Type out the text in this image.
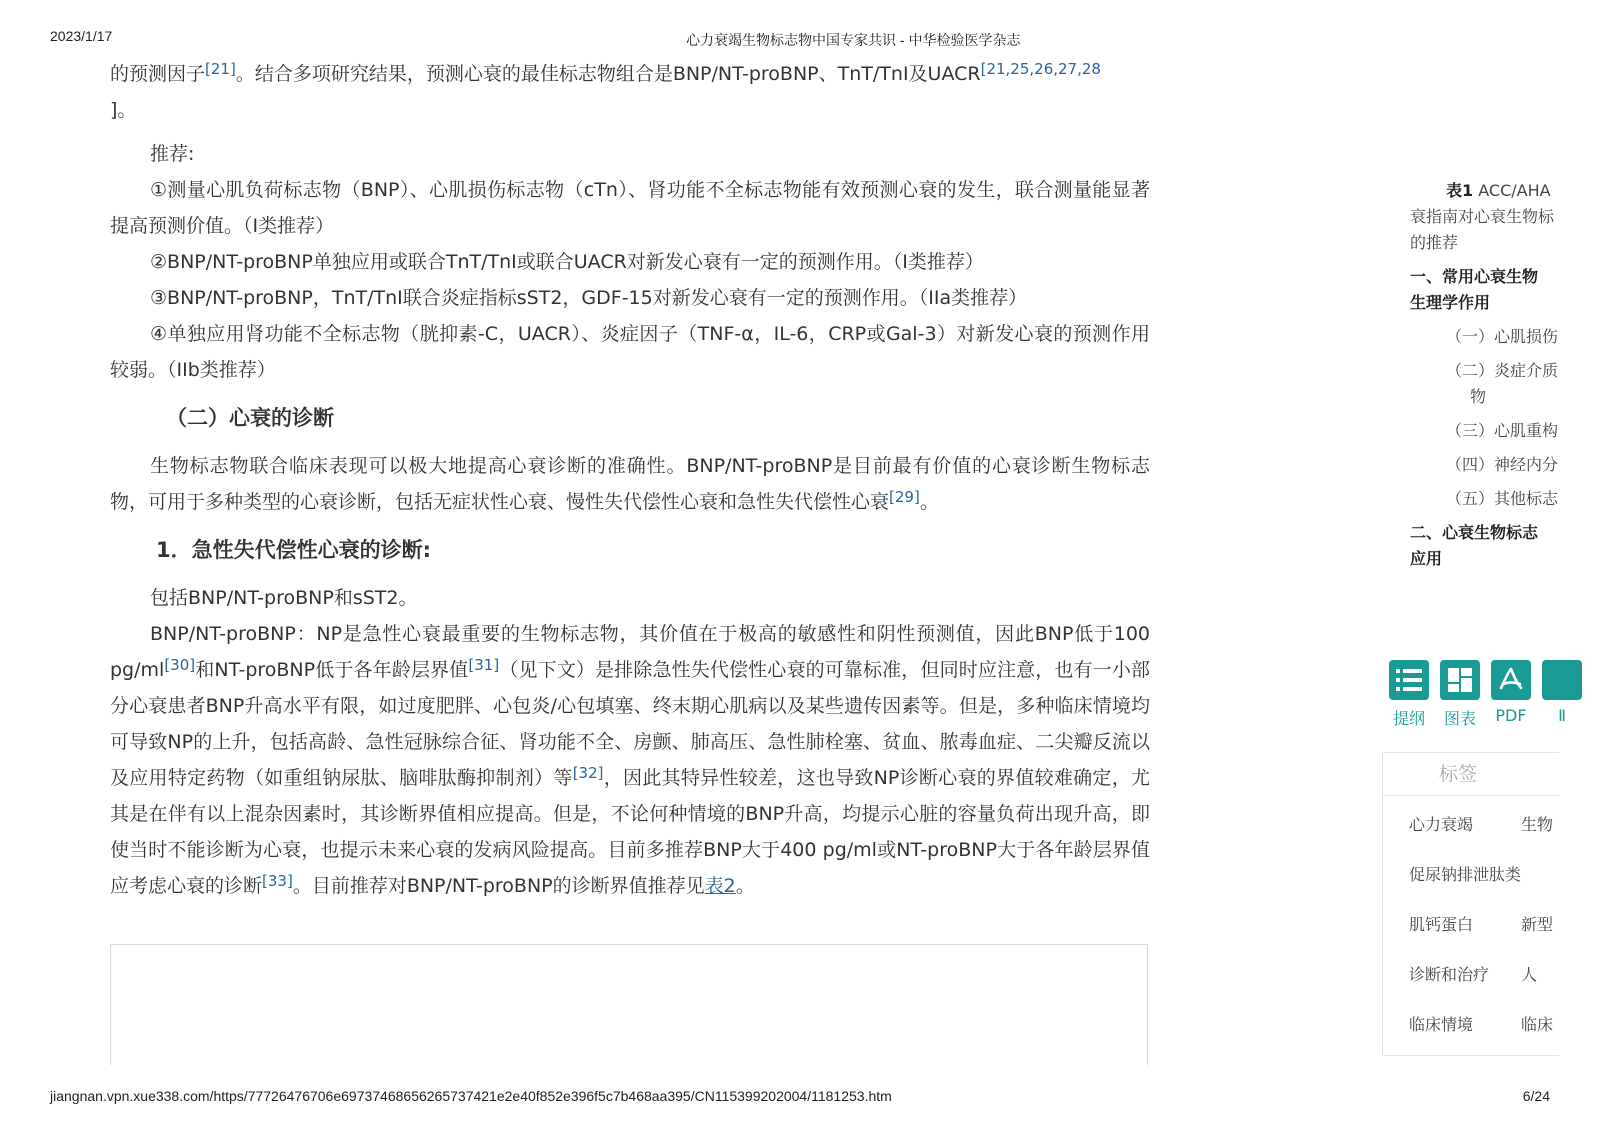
2023/1/17	心力衰竭生物标志物中国专家共识 - 中华检验医学杂志

的预测因子[21]。结合多项研究结果，预测心衰的最佳标志物组合是BNP/NT-proBNP、TnT/TnI及$UACR^{[21,25,26,27,28}$
]。

推荐:

①测量心肌负荷标志物（BNP）、心肌损伤标志物（cTn）、肾功能不全标志物能有效预测心衰的发生，联合测量能显著提高预测价值。（I类推荐）

②BNP/NT-proBNP单独应用或联合TnT/TnI或联合UACR对新发心衰有一定的预测作用。（I类推荐）

③BNP/NT-proBNP，TnT/TnI联合炎症指标sST2，GDF-15对新发心衰有一定的预测作用。（IIa类推荐）

④单独应用肾功能不全标志物（胱抑素-C，UACR）、炎症因子（TNF-α，IL-6，CRP或Gal-3）对新发心衰的预测作用较弱。（IIb类推荐）

（二）心衰的诊断

生物标志物联合临床表现可以极大地提高心衰诊断的准确性。BNP/NT-proBNP是目前最有价值的心衰诊断生物标志物，可用于多种类型的心衰诊断，包括无症状性心衰、慢性失代偿性心衰和急性失代偿性心衰[29]。

1．急性失代偿性心衰的诊断:

包括BNP/NT-proBNP和sST2。

BNP/NT-proBNP：NP是急性心衰最重要的生物标志物，其价值在于极高的敏感性和阴性预测值，因此BNP低于100 pg/ml[30]和NT-proBNP低于各年龄层界值[31]（见下文）是排除急性失代偿性心衰的可靠标准，但同时应注意，也有一小部分心衰患者BNP升高水平有限，如过度肥胖、心包炎/心包填塞、终末期心肌病以及某些遗传因素等。但是，多种临床情境均可导致NP的上升，包括高龄、急性冠脉综合征、肾功能不全、房颤、肺高压、急性肺栓塞、贫血、脓毒血症、二尖瓣反流以及应用特定药物（如重组钠尿肽、脑啡肽酶抑制剂）等[32]，因此其特异性较差，这也导致NP诊断心衰的界值较难确定，尤其是在伴有以上混杂因素时，其诊断界值相应提高。但是，不论何种情境的BNP升高，均提示心脏的容量负荷出现升高，即使当时不能诊断为心衰，也提示未来心衰的发病风险提高。目前多推荐BNP大于400 pg/ml或NT-proBNP大于各年龄层界值应考虑心衰的诊断[33]。目前推荐对BNP/NT-proBNP的诊断界值推荐见表2。

表1 ACC/AHA
衰指南对心衰生物标
的推荐
一、常用心衰生物
生理学作用
（一）心肌损伤
（二）炎症介质
物
（三）心肌重构
（四）神经内分
（五）其他标志
二、心衰生物标志
应用
提纲	图表	PDF	Ⅱ
标签
心力衰竭	生物
促尿钠排泄肽类
肌钙蛋白	新型
诊断和治疗 人
临床情境	临床
jiangnan.vpn.xue338.com/https/77726476706e69737468656265737421e2e40f852e396f5c7b468aa395/CN115399202004/1181253.htm	6/24
